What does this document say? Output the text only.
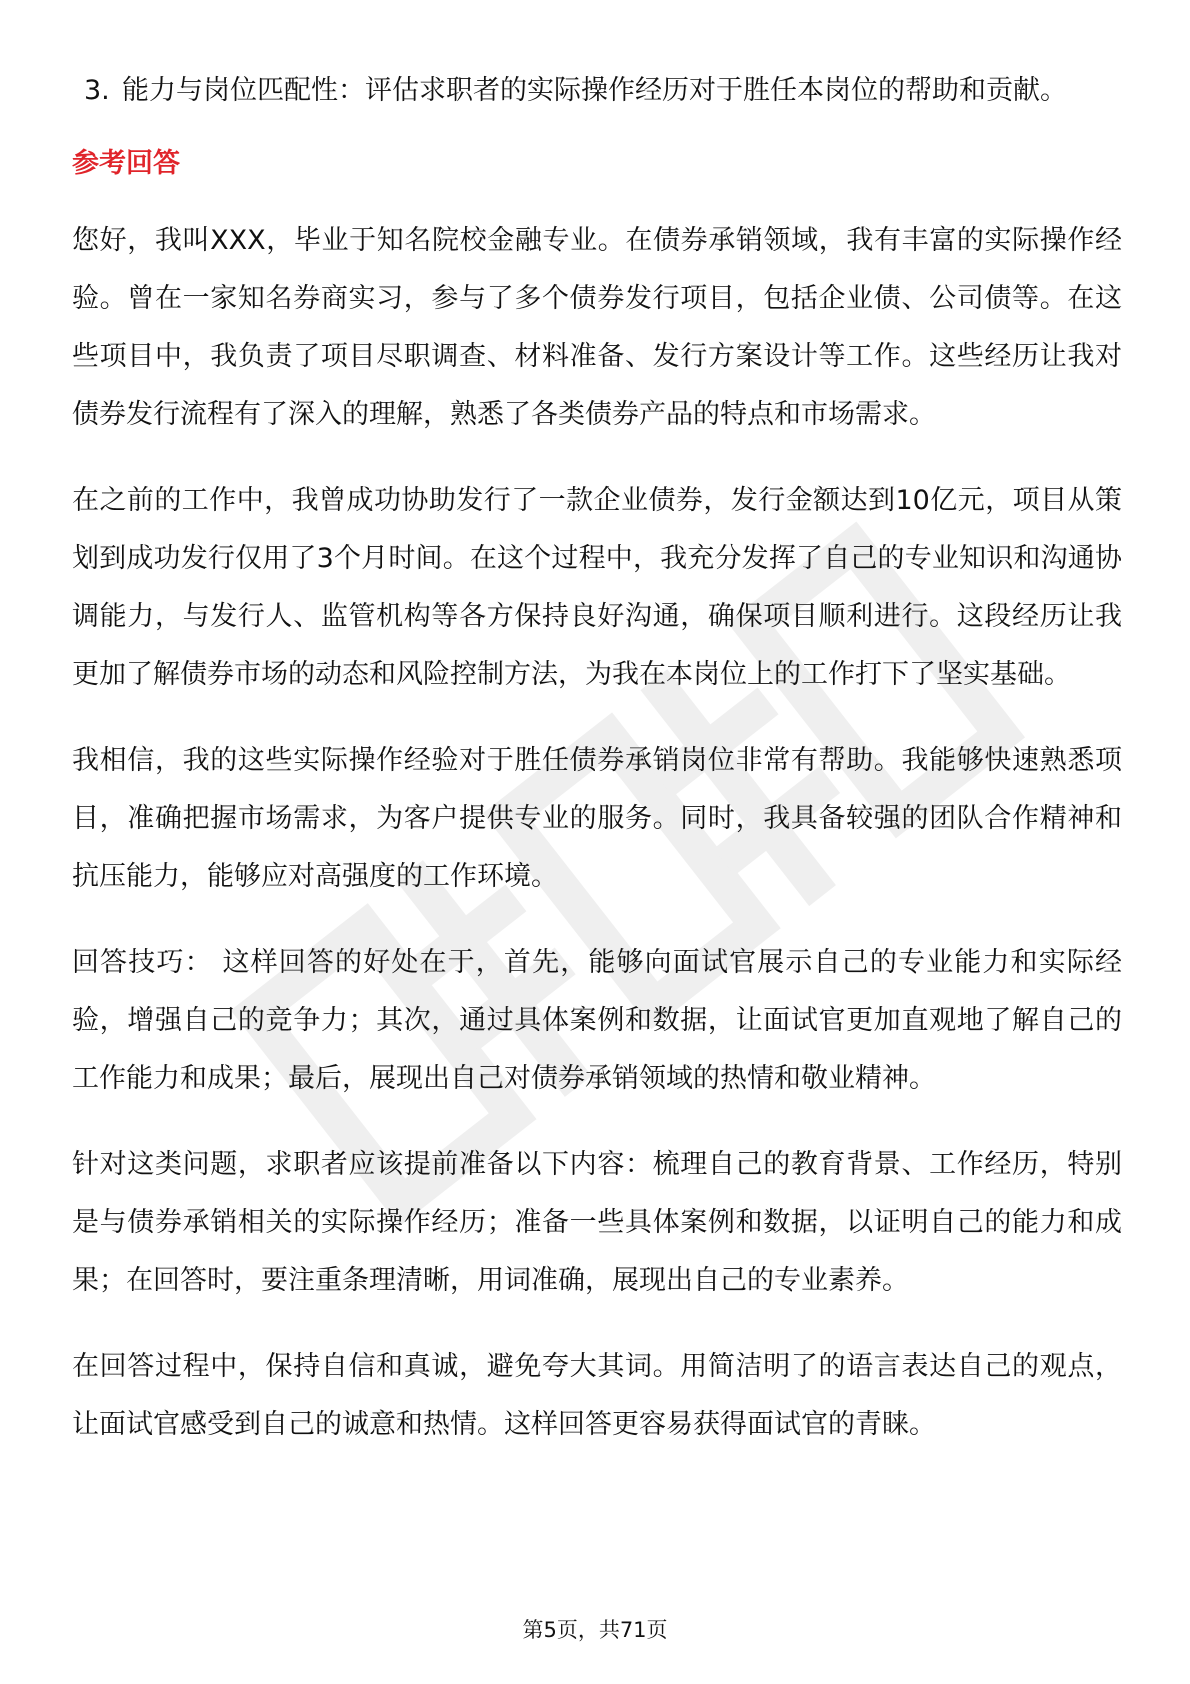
3. 能力与岗位匹配性：评估求职者的实际操作经历对于胜任本岗位的帮助和贡献。
参考回答

您好，我叫XXX，毕业于知名院校金融专业。在债券承销领域，我有丰富的实际操作经验。曾在一家知名券商实习，参与了多个债券发行项目，包括企业债、公司债等。在这些项目中，我负责了项目尽职调查、材料准备、发行方案设计等工作。这些经历让我对债券发行流程有了深入的理解，熟悉了各类债券产品的特点和市场需求。

在之前的工作中，我曾成功协助发行了一款企业债券，发行金额达到10亿元，项目从策划到成功发行仅用了3个月时间。在这个过程中，我充分发挥了自己的专业知识和沟通协调能力，与发行人、监管机构等各方保持良好沟通，确保项目顺利进行。这段经历让我更加了解债券市场的动态和风险控制方法，为我在本岗位上的工作打下了坚实基础。

我相信，我的这些实际操作经验对于胜任债券承销岗位非常有帮助。我能够快速熟悉项目，准确把握市场需求，为客户提供专业的服务。同时，我具备较强的团队合作精神和抗压能力，能够应对高强度的工作环境。

回答技巧： 这样回答的好处在于，首先，能够向面试官展示自己的专业能力和实际经验，增强自己的竞争力；其次，通过具体案例和数据，让面试官更加直观地了解自己的工作能力和成果；最后，展现出自己对债券承销领域的热情和敬业精神。

针对这类问题，求职者应该提前准备以下内容：梳理自己的教育背景、工作经历，特别是与债券承销相关的实际操作经历；准备一些具体案例和数据，以证明自己的能力和成果；在回答时，要注重条理清晰，用词准确，展现出自己的专业素养。

在回答过程中，保持自信和真诚，避免夸大其词。用简洁明了的语言表达自己的观点，让面试官感受到自己的诚意和热情。这样回答更容易获得面试官的青睐。

第5页，共71页
